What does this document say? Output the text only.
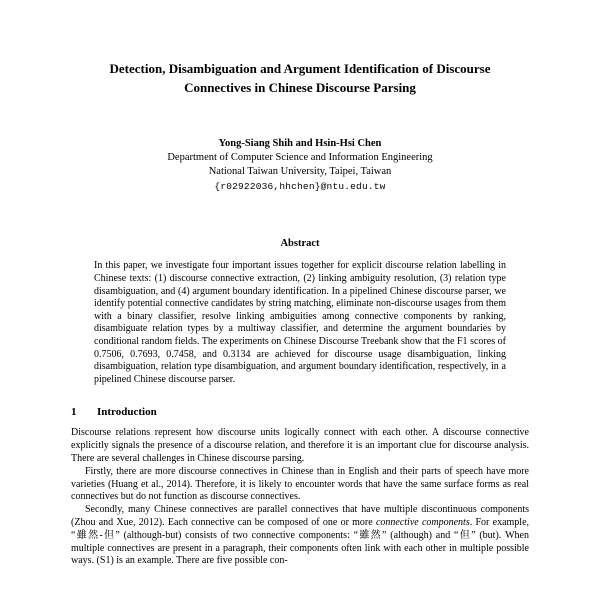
Detection, Disambiguation and Argument Identification of Discourse Connectives in Chinese Discourse Parsing
Yong-Siang Shih and Hsin-Hsi Chen
Department of Computer Science and Information Engineering
National Taiwan University, Taipei, Taiwan
{r02922036,hhchen}@ntu.edu.tw
Abstract

In this paper, we investigate four important issues together for explicit discourse relation labelling in Chinese texts: (1) discourse connective extraction, (2) linking ambiguity resolution, (3) relation type disambiguation, and (4) argument boundary identification. In a pipelined Chinese discourse parser, we identify potential connective candidates by string matching, eliminate non-discourse usages from them with a binary classifier, resolve linking ambiguities among connective components by ranking, disambiguate relation types by a multiway classifier, and determine the argument boundaries by conditional random fields. The experiments on Chinese Discourse Treebank show that the F1 scores of 0.7506, 0.7693, 0.7458, and 0.3134 are achieved for discourse usage disambiguation, linking disambiguation, relation type disambiguation, and argument boundary identification, respectively, in a pipelined Chinese discourse parser.

1 Introduction

Discourse relations represent how discourse units logically connect with each other. A discourse connective explicitly signals the presence of a discourse relation, and therefore it is an important clue for discourse analysis. There are several challenges in Chinese discourse parsing.

Firstly, there are more discourse connectives in Chinese than in English and their parts of speech have more varieties (Huang et al., 2014). Therefore, it is likely to encounter words that have the same surface forms as real connectives but do not function as discourse connectives.

Secondly, many Chinese connectives are parallel connectives that have multiple discontinuous components (Zhou and Xue, 2012). Each connective can be composed of one or more connective components. For example, “雖然-但” (although-but) consists of two connective components: “雖然” (although) and “但” (but). When multiple connectives are present in a paragraph, their components often link with each other in multiple possible ways. (S1) is an example. There are five possible con-
